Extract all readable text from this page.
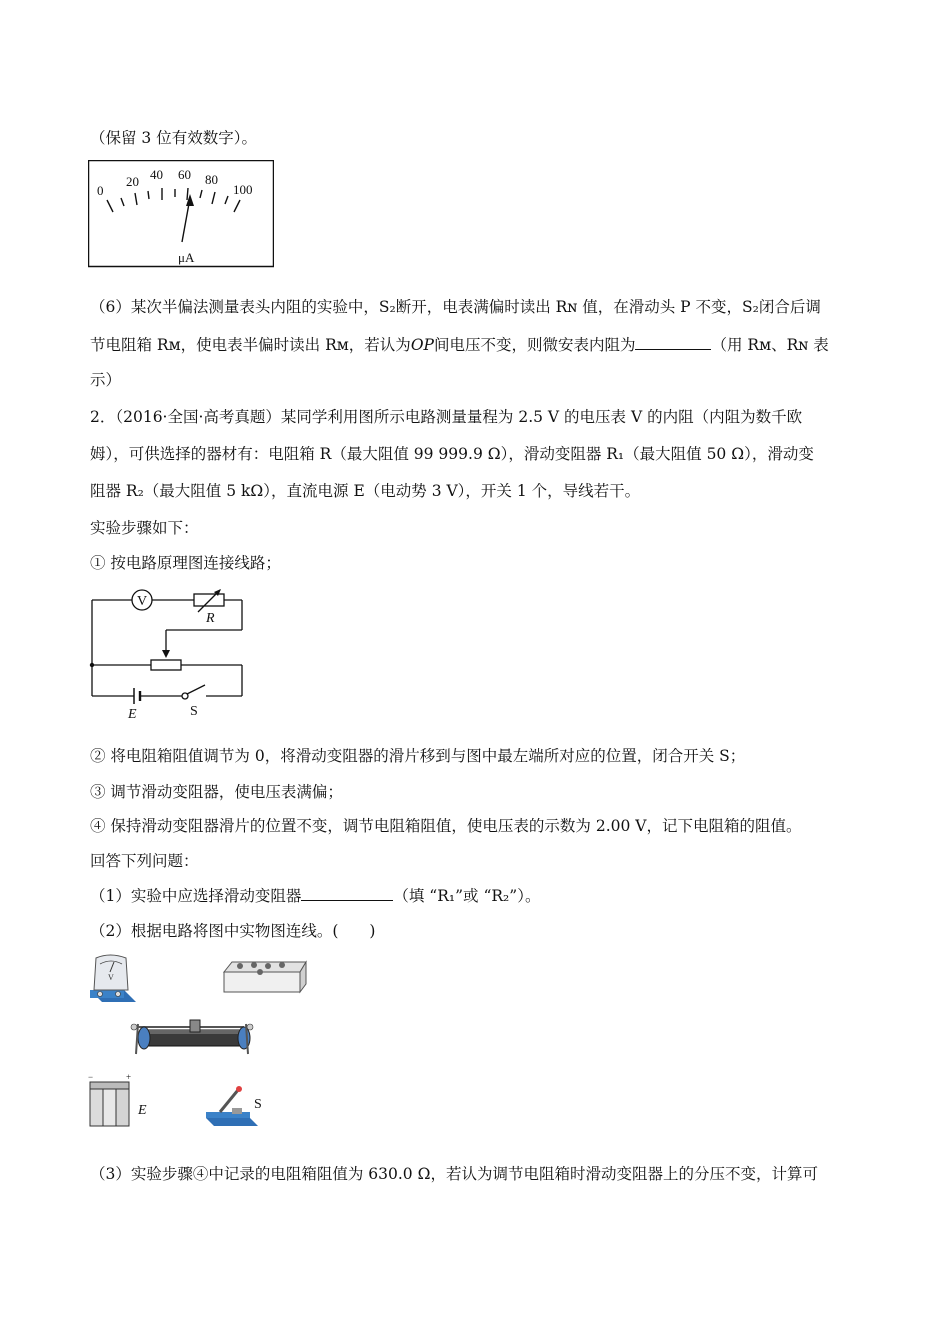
（保留 3 位有效数字）。
0
20 40 60 80
100
μA
（6）某次半偏法测量表头内阻的实验中，S₂断开，电表满偏时读出 Rɴ 值，在滑动头 P 不变，S₂闭合后调
节电阻箱 Rᴍ，使电表半偏时读出 Rᴍ，若认为OP间电压不变，则微安表内阻为	（用 Rᴍ、Rɴ 表
示）
2．（2016·全国·高考真题）某同学利用图所示电路测量量程为 2.5 V 的电压表 V 的内阻（内阻为数千欧
姆），可供选择的器材有：电阻箱 R（最大阻值 99 999.9 Ω），滑动变阻器 R₁（最大阻值 50 Ω），滑动变
阻器 R₂（最大阻值 5 kΩ），直流电源 E（电动势 3 V），开关 1 个，导线若干。
实验步骤如下：
① 按电路原理图连接线路；
V
R
E	S
② 将电阻箱阻值调节为 0，将滑动变阻器的滑片移到与图中最左端所对应的位置，闭合开关 S；
③ 调节滑动变阻器，使电压表满偏；
④ 保持滑动变阻器滑片的位置不变，调节电阻箱阻值，使电压表的示数为 2.00 V，记下电阻箱的阻值。
回答下列问题：
（1）实验中应选择滑动变阻器	（填 “R₁”或 “R₂”）。
（2）根据电路将图中实物图连线。(　　)
V
−	+
E	S
（3）实验步骤④中记录的电阻箱阻值为 630.0 Ω，若认为调节电阻箱时滑动变阻器上的分压不变，计算可
